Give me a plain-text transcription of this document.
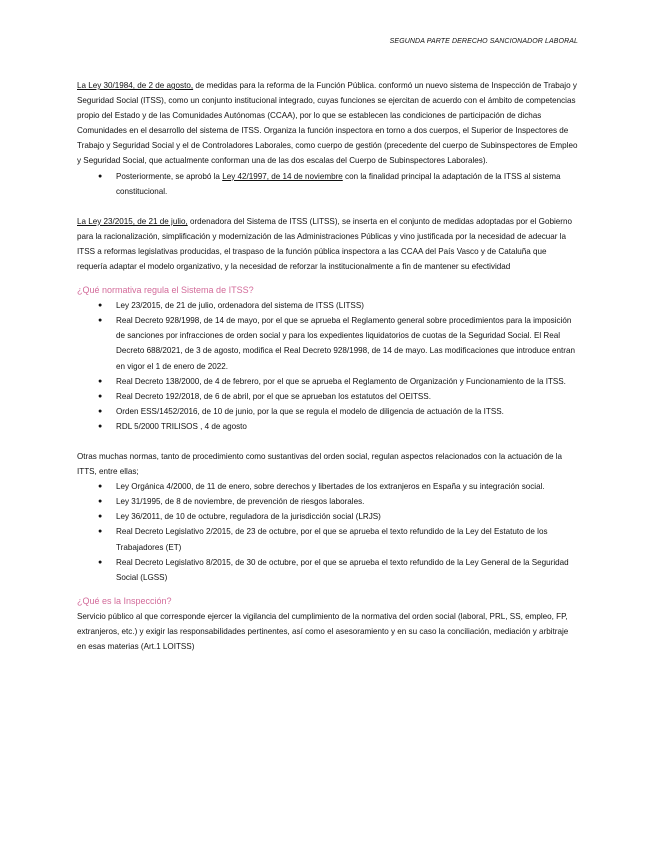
SEGUNDA PARTE DERECHO SANCIONADOR LABORAL

La Ley 30/1984, de 2 de agosto, de medidas para la reforma de la Función Pública. conformó un nuevo sistema de Inspección de Trabajo y Seguridad Social (ITSS), como un conjunto institucional integrado, cuyas funciones se ejercitan de acuerdo con el ámbito de competencias propio del Estado y de las Comunidades Autónomas (CCAA), por lo que se establecen las condiciones de participación de dichas Comunidades en el desarrollo del sistema de ITSS. Organiza la función inspectora en torno a dos cuerpos, el Superior de Inspectores de Trabajo y Seguridad Social y el de Controladores Laborales, como cuerpo de gestión (precedente del cuerpo de Subinspectores de Empleo y Seguridad Social, que actualmente conforman una de las dos escalas del Cuerpo de Subinspectores Laborales).

● Posteriormente, se aprobó la Ley 42/1997, de 14 de noviembre con la finalidad principal la adaptación de la ITSS al sistema constitucional.

La Ley 23/2015, de 21 de julio, ordenadora del Sistema de ITSS (LITSS), se inserta en el conjunto de medidas adoptadas por el Gobierno para la racionalización, simplificación y modernización de las Administraciones Públicas y vino justificada por la necesidad de adecuar la ITSS a reformas legislativas producidas, el traspaso de la función pública inspectora a las CCAA del País Vasco y de Cataluña que requería adaptar el modelo organizativo, y la necesidad de reforzar la institucionalmente a fin de mantener su efectividad

¿Qué normativa regula el Sistema de ITSS?

● Ley 23/2015, de 21 de julio, ordenadora del sistema de ITSS (LITSS)
● Real Decreto 928/1998, de 14 de mayo, por el que se aprueba el Reglamento general sobre procedimientos para la imposición de sanciones por infracciones de orden social y para los expedientes liquidatorios de cuotas de la Seguridad Social. El Real Decreto 688/2021, de 3 de agosto, modifica el Real Decreto 928/1998, de 14 de mayo. Las modificaciones que introduce entran en vigor el 1 de enero de 2022.
● Real Decreto 138/2000, de 4 de febrero, por el que se aprueba el Reglamento de Organización y Funcionamiento de la ITSS.
● Real Decreto 192/2018, de 6 de abril, por el que se aprueban los estatutos del OEITSS.
● Orden ESS/1452/2016, de 10 de junio, por la que se regula el modelo de diligencia de actuación de la ITSS.
● RDL 5/2000 TRILISOS , 4 de agosto

Otras muchas normas, tanto de procedimiento como sustantivas del orden social, regulan aspectos relacionados con la actuación de la ITTS, entre ellas;

● Ley Orgánica 4/2000, de 11 de enero, sobre derechos y libertades de los extranjeros en España y su integración social.
● Ley 31/1995, de 8 de noviembre, de prevención de riesgos laborales.
● Ley 36/2011, de 10 de octubre, reguladora de la jurisdicción social (LRJS)
● Real Decreto Legislativo 2/2015, de 23 de octubre, por el que se aprueba el texto refundido de la Ley del Estatuto de los Trabajadores (ET)
● Real Decreto Legislativo 8/2015, de 30 de octubre, por el que se aprueba el texto refundido de la Ley General de la Seguridad Social (LGSS)

¿Qué es la Inspección?

Servicio público al que corresponde ejercer la vigilancia del cumplimiento de la normativa del orden social (laboral, PRL, SS, empleo, FP, extranjeros, etc.) y exigir las responsabilidades pertinentes, así como el asesoramiento y en su caso la conciliación, mediación y arbitraje en esas materias (Art.1 LOITSS)
